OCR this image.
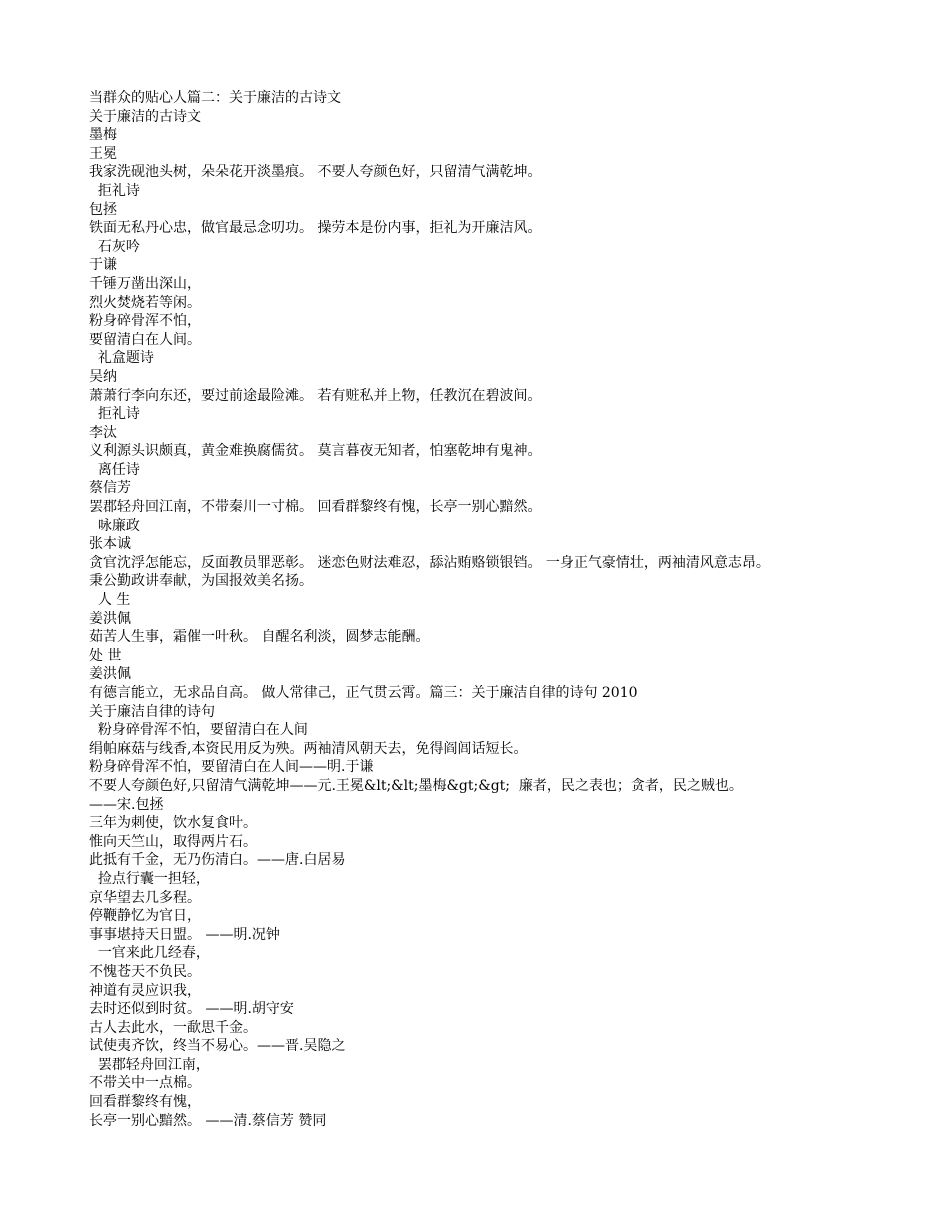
当群众的贴心人篇二：关于廉洁的古诗文
关于廉洁的古诗文
墨梅
王冕
我家洗砚池头树，朵朵花开淡墨痕。 不要人夸颜色好，只留清气满乾坤。
拒礼诗
包拯
铁面无私丹心忠，做官最忌念叨功。 操劳本是份内事，拒礼为开廉洁风。
石灰吟
于谦
千锤万凿出深山，
烈火焚烧若等闲。
粉身碎骨浑不怕，
要留清白在人间。
礼盒题诗
吴纳
萧萧行李向东还，要过前途最险滩。 若有赃私并上物，任教沉在碧波间。
拒礼诗
李汰
义利源头识颇真，黄金难换腐儒贫。 莫言暮夜无知者，怕塞乾坤有鬼神。
离任诗
蔡信芳
罢郡轻舟回江南，不带秦川一寸棉。 回看群黎终有愧，长亭一别心黯然。
咏廉政
张本诚
贪官沈浮怎能忘，反面教员罪恶彰。 迷恋色财法难忍，舔沾贿赂锁银铛。 一身正气豪情壮，两袖清风意志昂。
秉公勤政讲奉献，为国报效美名扬。
人 生
姜洪佩
茹苦人生事，霜催一叶秋。 自醒名利淡，圆梦志能酬。
处 世
姜洪佩
有德言能立，无求品自高。 做人常律己，正气贯云霄。篇三：关于廉洁自律的诗句 2010
关于廉洁自律的诗句
粉身碎骨浑不怕，要留清白在人间
绢帕麻菇与线香,本资民用反为殃。两袖清风朝天去，免得阎闾话短长。
粉身碎骨浑不怕，要留清白在人间——明.于谦
不要人夸颜色好,只留清气满乾坤——元.王冕&lt;&lt;墨梅&gt;&gt;  廉者，民之表也；贪者，民之贼也。
——宋.包拯
三年为刺使，饮水复食叶。
惟向天竺山，取得两片石。
此抵有千金，无乃伤清白。——唐.白居易
捡点行囊一担轻，
京华望去几多程。
停鞭静忆为官日，
事事堪持天日盟。 ——明.况钟
一官来此几经春，
不愧苍天不负民。
神道有灵应识我，
去时还似到时贫。 ——明.胡守安
古人去此水，一歃思千金。
试使夷齐饮，终当不易心。——晋.吴隐之
罢郡轻舟回江南，
不带关中一点棉。
回看群黎终有愧，
长亭一别心黯然。 ——清.蔡信芳 赞同
